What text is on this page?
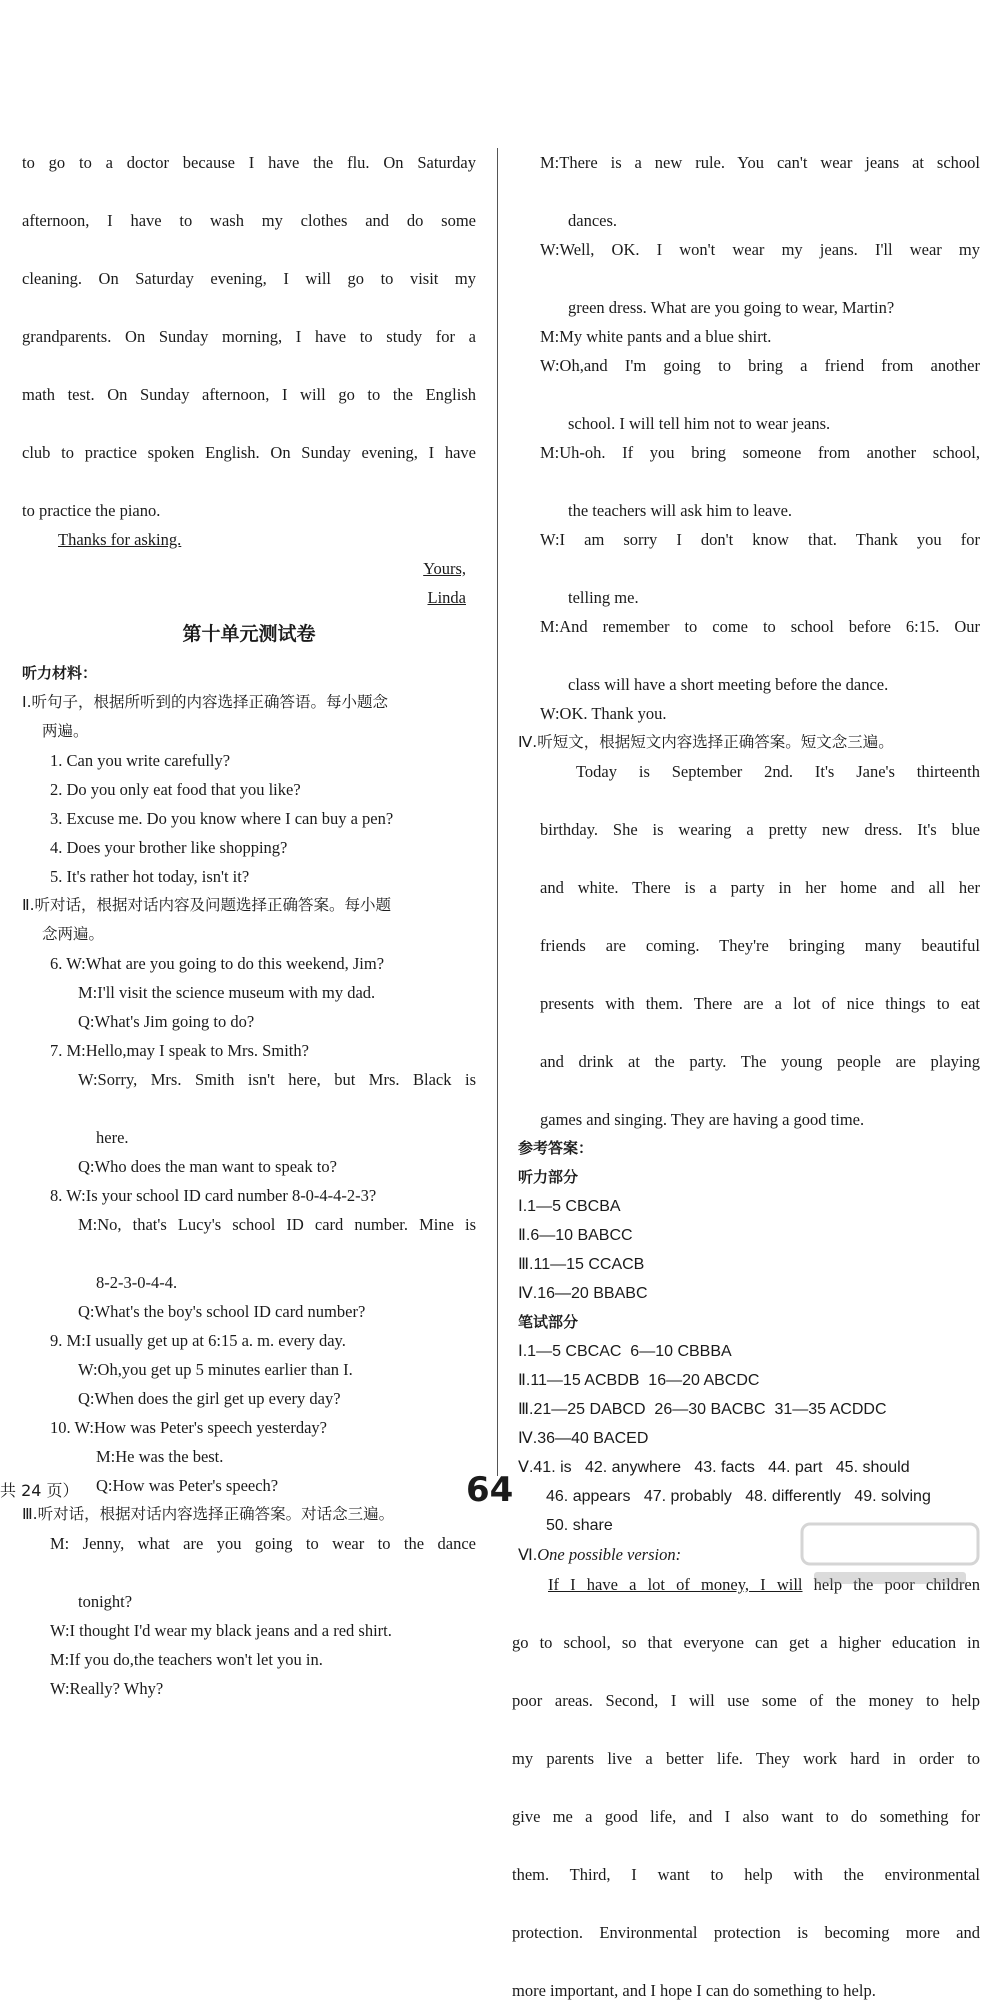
to go to a doctor because I have the flu. On Saturday

afternoon, I have to wash my clothes and do some

cleaning. On Saturday evening, I will go to visit my

grandparents. On Sunday morning, I have to study for a

math test. On Sunday afternoon, I will go to the English

club to practice spoken English. On Sunday evening, I have

to practice the piano.

Thanks for asking.

Yours,

Linda

第十单元测试卷
听力材料：
Ⅰ.听句子，根据所听到的内容选择正确答语。每小题念
两遍。
1. Can you write carefully?
2. Do you only eat food that you like?
3. Excuse me. Do you know where I can buy a pen?
4. Does your brother like shopping?
5. It's rather hot today, isn't it?
Ⅱ.听对话，根据对话内容及问题选择正确答案。每小题
念两遍。
6. W:What are you going to do this weekend, Jim?
M:I'll visit the science museum with my dad.
Q:What's Jim going to do?
7. M:Hello,may I speak to Mrs. Smith?
W:Sorry, Mrs. Smith isn't here, but Mrs. Black is
here.
Q:Who does the man want to speak to?
8. W:Is your school ID card number 8-0-4-4-2-3?
M:No, that's Lucy's school ID card number. Mine is
8-2-3-0-4-4.
Q:What's the boy's school ID card number?
9. M:I usually get up at 6:15 a. m. every day.
W:Oh,you get up 5 minutes earlier than I.
Q:When does the girl get up every day?
10. W:How was Peter's speech yesterday?
M:He was the best.
Q:How was Peter's speech?
Ⅲ.听对话，根据对话内容选择正确答案。对话念三遍。
M: Jenny, what are you going to wear to the dance
tonight?
W:I thought I'd wear my black jeans and a red shirt.
M:If you do,the teachers won't let you in.
W:Really? Why?
M:There is a new rule. You can't wear jeans at school
dances.
W:Well, OK. I won't wear my jeans. I'll wear my
green dress. What are you going to wear, Martin?
M:My white pants and a blue shirt.
W:Oh,and I'm going to bring a friend from another
school. I will tell him not to wear jeans.
M:Uh-oh. If you bring someone from another school,
the teachers will ask him to leave.
W:I am sorry I don't know that. Thank you for
telling me.
M:And remember to come to school before 6:15. Our
class will have a short meeting before the dance.
W:OK. Thank you.
Ⅳ.听短文，根据短文内容选择正确答案。短文念三遍。

Today is September 2nd. It's Jane's thirteenth

birthday. She is wearing a pretty new dress. It's blue

and white. There is a party in her home and all her

friends are coming. They're bringing many beautiful

presents with them. There are a lot of nice things to eat

and drink at the party. The young people are playing

games and singing. They are having a good time.

参考答案：
听力部分
Ⅰ.1—5 CBCBA
Ⅱ.6—10 BABCC
Ⅲ.11—15 CCACB
Ⅳ.16—20 BBABC
笔试部分
Ⅰ.1—5 CBCAC  6—10 CBBBA
Ⅱ.11—15 ACBDB  16—20 ABCDC
Ⅲ.21—25 DABCD  26—30 BACBC  31—35 ACDDC
Ⅳ.36—40 BACED
Ⅴ.41. is   42. anywhere   43. facts   44. part   45. should
46. appears   47. probably   48. differently   49. solving
50. share
Ⅵ.One possible version:

If I have a lot of money, I will help the poor children

go to school, so that everyone can get a higher education in

poor areas. Second, I will use some of the money to help

my parents live a better life. They work hard in order to

give me a good life, and I also want to do something for

them. Third, I want to help with the environmental

protection. Environmental protection is becoming more and

more important, and I hope I can do something to help.

共 24 页）	64
